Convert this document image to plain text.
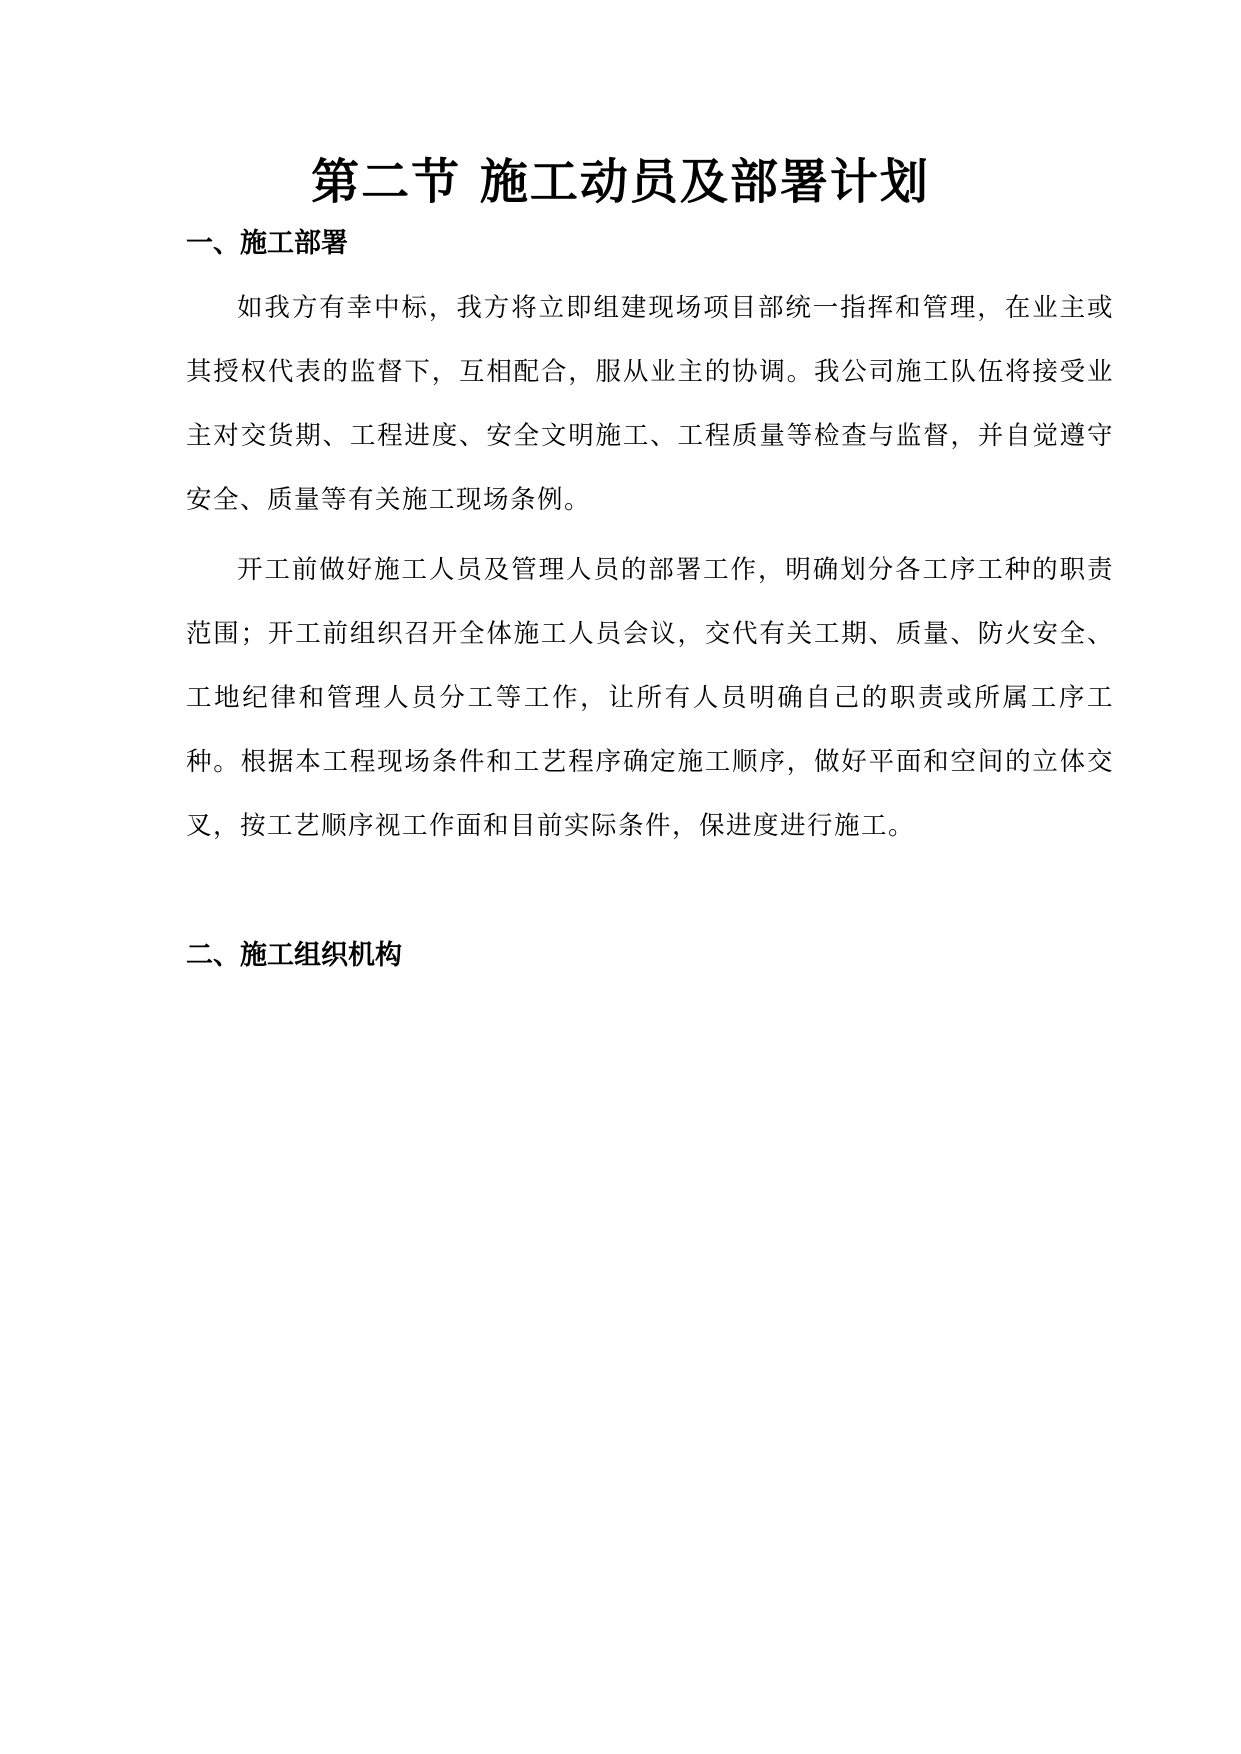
第二节 施工动员及部署计划
一、施工部署

如我方有幸中标，我方将立即组建现场项目部统一指挥和管理，在业主或其授权代表的监督下，互相配合，服从业主的协调。我公司施工队伍将接受业主对交货期、工程进度、安全文明施工、工程质量等检查与监督，并自觉遵守安全、质量等有关施工现场条例。

开工前做好施工人员及管理人员的部署工作，明确划分各工序工种的职责范围；开工前组织召开全体施工人员会议，交代有关工期、质量、防火安全、工地纪律和管理人员分工等工作，让所有人员明确自己的职责或所属工序工种。根据本工程现场条件和工艺程序确定施工顺序，做好平面和空间的立体交叉，按工艺顺序视工作面和目前实际条件，保进度进行施工。

二、施工组织机构
